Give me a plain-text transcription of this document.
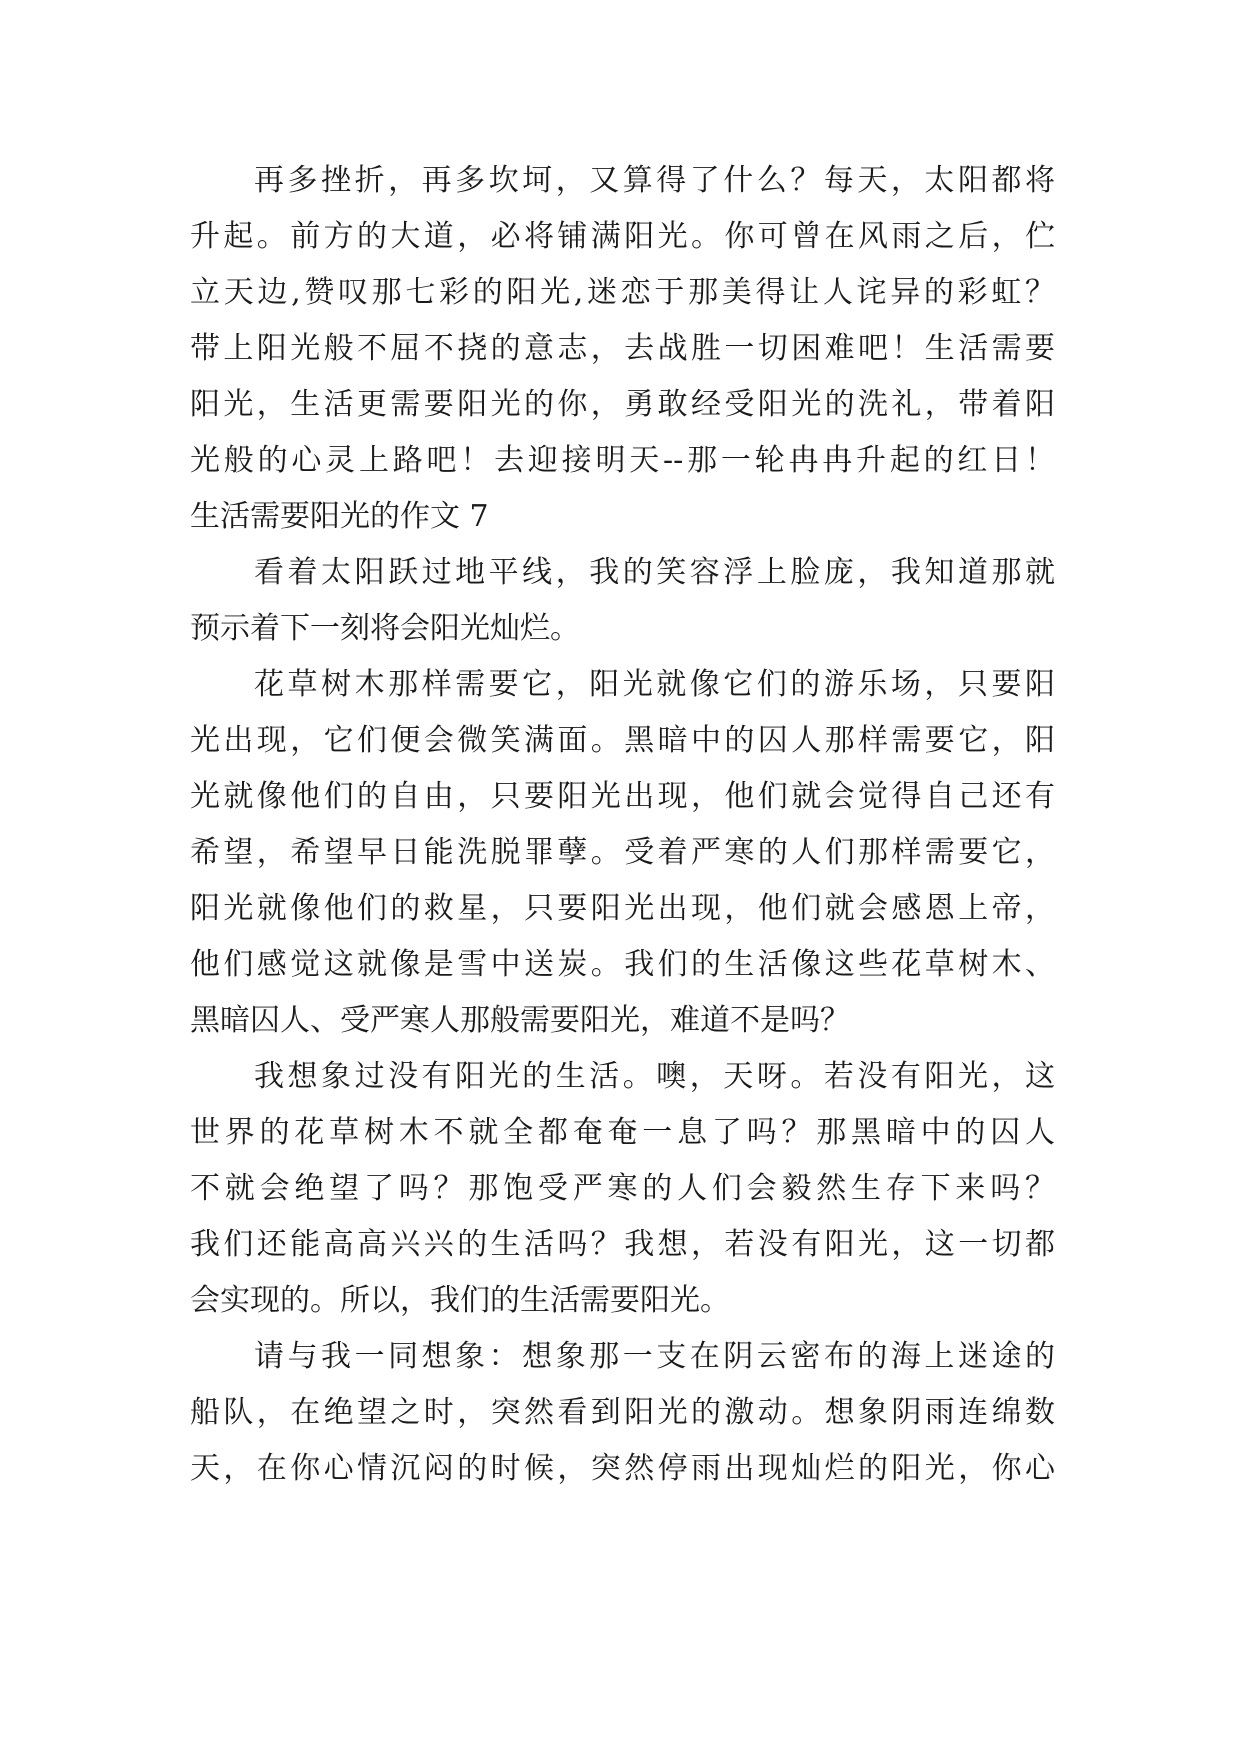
再多挫折，再多坎坷，又算得了什么？每天，太阳都将
升起。前方的大道，必将铺满阳光。你可曾在风雨之后，伫
立天边,赞叹那七彩的阳光,迷恋于那美得让人诧异的彩虹？
带上阳光般不屈不挠的意志，去战胜一切困难吧！生活需要
阳光，生活更需要阳光的你，勇敢经受阳光的洗礼，带着阳
光般的心灵上路吧！去迎接明天--那一轮冉冉升起的红日！
生活需要阳光的作文 7
看着太阳跃过地平线，我的笑容浮上脸庞，我知道那就
预示着下一刻将会阳光灿烂。
花草树木那样需要它，阳光就像它们的游乐场，只要阳
光出现，它们便会微笑满面。黑暗中的囚人那样需要它，阳
光就像他们的自由，只要阳光出现，他们就会觉得自己还有
希望，希望早日能洗脱罪孽。受着严寒的人们那样需要它，
阳光就像他们的救星，只要阳光出现，他们就会感恩上帝，
他们感觉这就像是雪中送炭。我们的生活像这些花草树木、
黑暗囚人、受严寒人那般需要阳光，难道不是吗？
我想象过没有阳光的生活。噢，天呀。若没有阳光，这
世界的花草树木不就全都奄奄一息了吗？那黑暗中的囚人
不就会绝望了吗？那饱受严寒的人们会毅然生存下来吗？
我们还能高高兴兴的生活吗？我想，若没有阳光，这一切都
会实现的。所以，我们的生活需要阳光。
请与我一同想象：想象那一支在阴云密布的海上迷途的
船队，在绝望之时，突然看到阳光的激动。想象阴雨连绵数
天，在你心情沉闷的时候，突然停雨出现灿烂的阳光，你心
